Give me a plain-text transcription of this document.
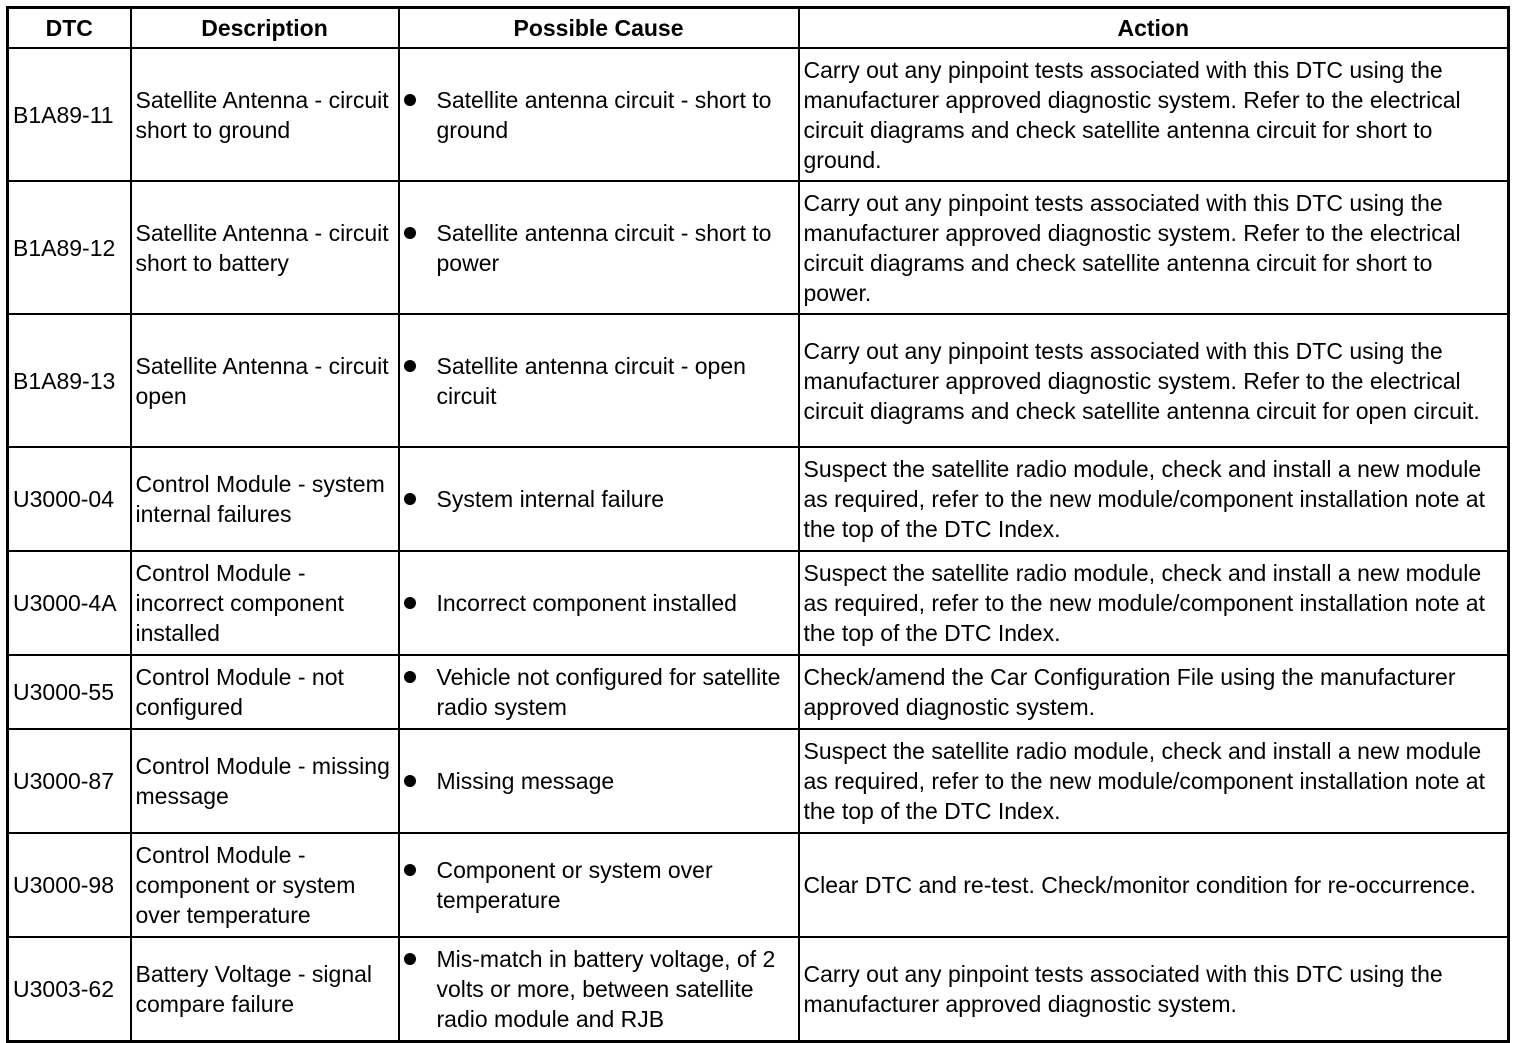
DTC	Description	Possible Cause	Action
B1A89-11	Satellite Antenna - circuit short to ground	Satellite antenna circuit - short to ground	Carry out any pinpoint tests associated with this DTC using the manufacturer approved diagnostic system. Refer to the electrical circuit diagrams and check satellite antenna circuit for short to ground.
B1A89-12	Satellite Antenna - circuit short to battery	Satellite antenna circuit - short to power	Carry out any pinpoint tests associated with this DTC using the manufacturer approved diagnostic system. Refer to the electrical circuit diagrams and check satellite antenna circuit for short to power.
B1A89-13	Satellite Antenna - circuit open	Satellite antenna circuit - open circuit	Carry out any pinpoint tests associated with this DTC using the manufacturer approved diagnostic system. Refer to the electrical circuit diagrams and check satellite antenna circuit for open circuit.
U3000-04	Control Module - system internal failures	System internal failure	Suspect the satellite radio module, check and install a new module as required, refer to the new module/component installation note at the top of the DTC Index.
U3000-4A	Control Module - incorrect component installed	Incorrect component installed	Suspect the satellite radio module, check and install a new module as required, refer to the new module/component installation note at the top of the DTC Index.
U3000-55	Control Module - not configured	Vehicle not configured for satellite radio system	Check/amend the Car Configuration File using the manufacturer approved diagnostic system.
U3000-87	Control Module - missing message	Missing message	Suspect the satellite radio module, check and install a new module as required, refer to the new module/component installation note at the top of the DTC Index.
U3000-98	Control Module - component or system over temperature	Component or system over temperature	Clear DTC and re-test. Check/monitor condition for re-occurrence.
U3003-62	Battery Voltage - signal compare failure	Mis-match in battery voltage, of 2 volts or more, between satellite radio module and RJB	Carry out any pinpoint tests associated with this DTC using the manufacturer approved diagnostic system.
